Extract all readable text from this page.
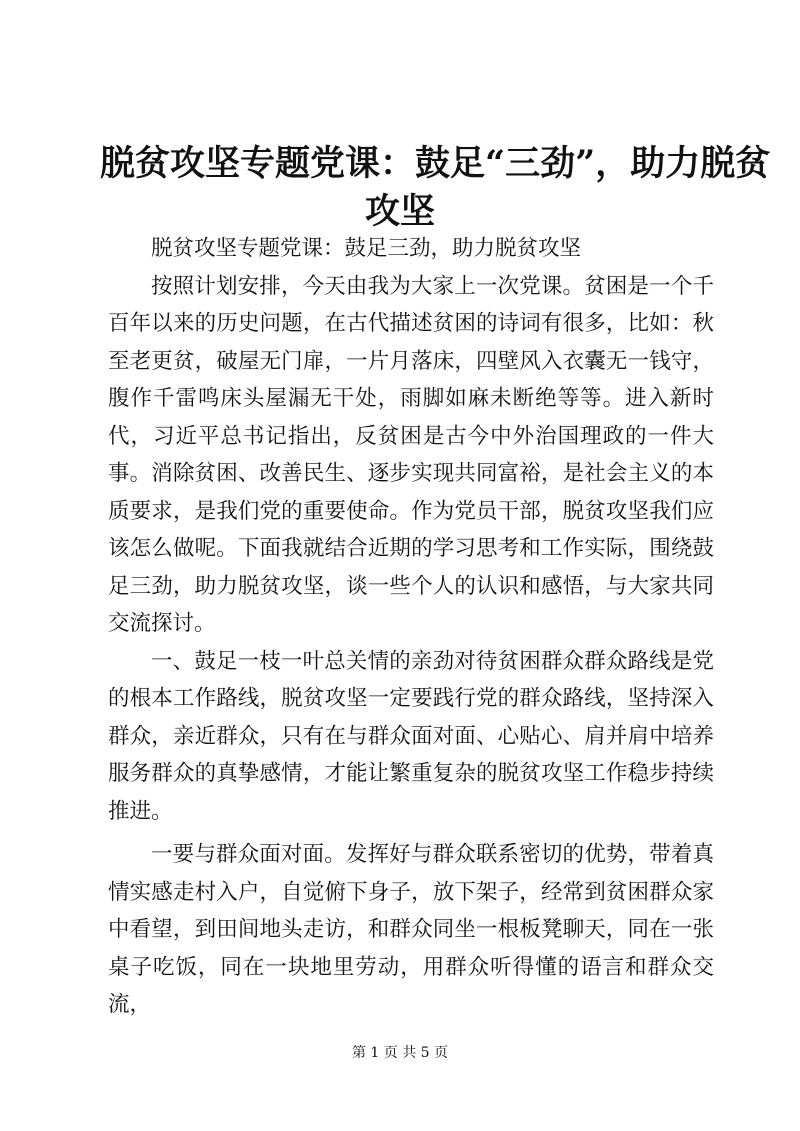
脱贫攻坚专题党课：鼓足“三劲”，助力脱贫
攻坚

脱贫攻坚专题党课：鼓足三劲，助力脱贫攻坚

按照计划安排，今天由我为大家上一次党课。贫困是一个千百年以来的历史问题，在古代描述贫困的诗词有很多，比如：秋至老更贫，破屋无门扉，一片月落床，四壁风入衣囊无一钱守，腹作千雷鸣床头屋漏无干处，雨脚如麻未断绝等等。进入新时代，习近平总书记指出，反贫困是古今中外治国理政的一件大事。消除贫困、改善民生、逐步实现共同富裕，是社会主义的本质要求，是我们党的重要使命。作为党员干部，脱贫攻坚我们应该怎么做呢。下面我就结合近期的学习思考和工作实际，围绕鼓足三劲，助力脱贫攻坚，谈一些个人的认识和感悟，与大家共同交流探讨。

一、鼓足一枝一叶总关情的亲劲对待贫困群众群众路线是党的根本工作路线，脱贫攻坚一定要践行党的群众路线，坚持深入群众，亲近群众，只有在与群众面对面、心贴心、肩并肩中培养服务群众的真挚感情，才能让繁重复杂的脱贫攻坚工作稳步持续推进。

一要与群众面对面。发挥好与群众联系密切的优势，带着真情实感走村入户，自觉俯下身子，放下架子，经常到贫困群众家中看望，到田间地头走访，和群众同坐一根板凳聊天，同在一张桌子吃饭，同在一块地里劳动，用群众听得懂的语言和群众交流，

第 1 页 共 5 页
